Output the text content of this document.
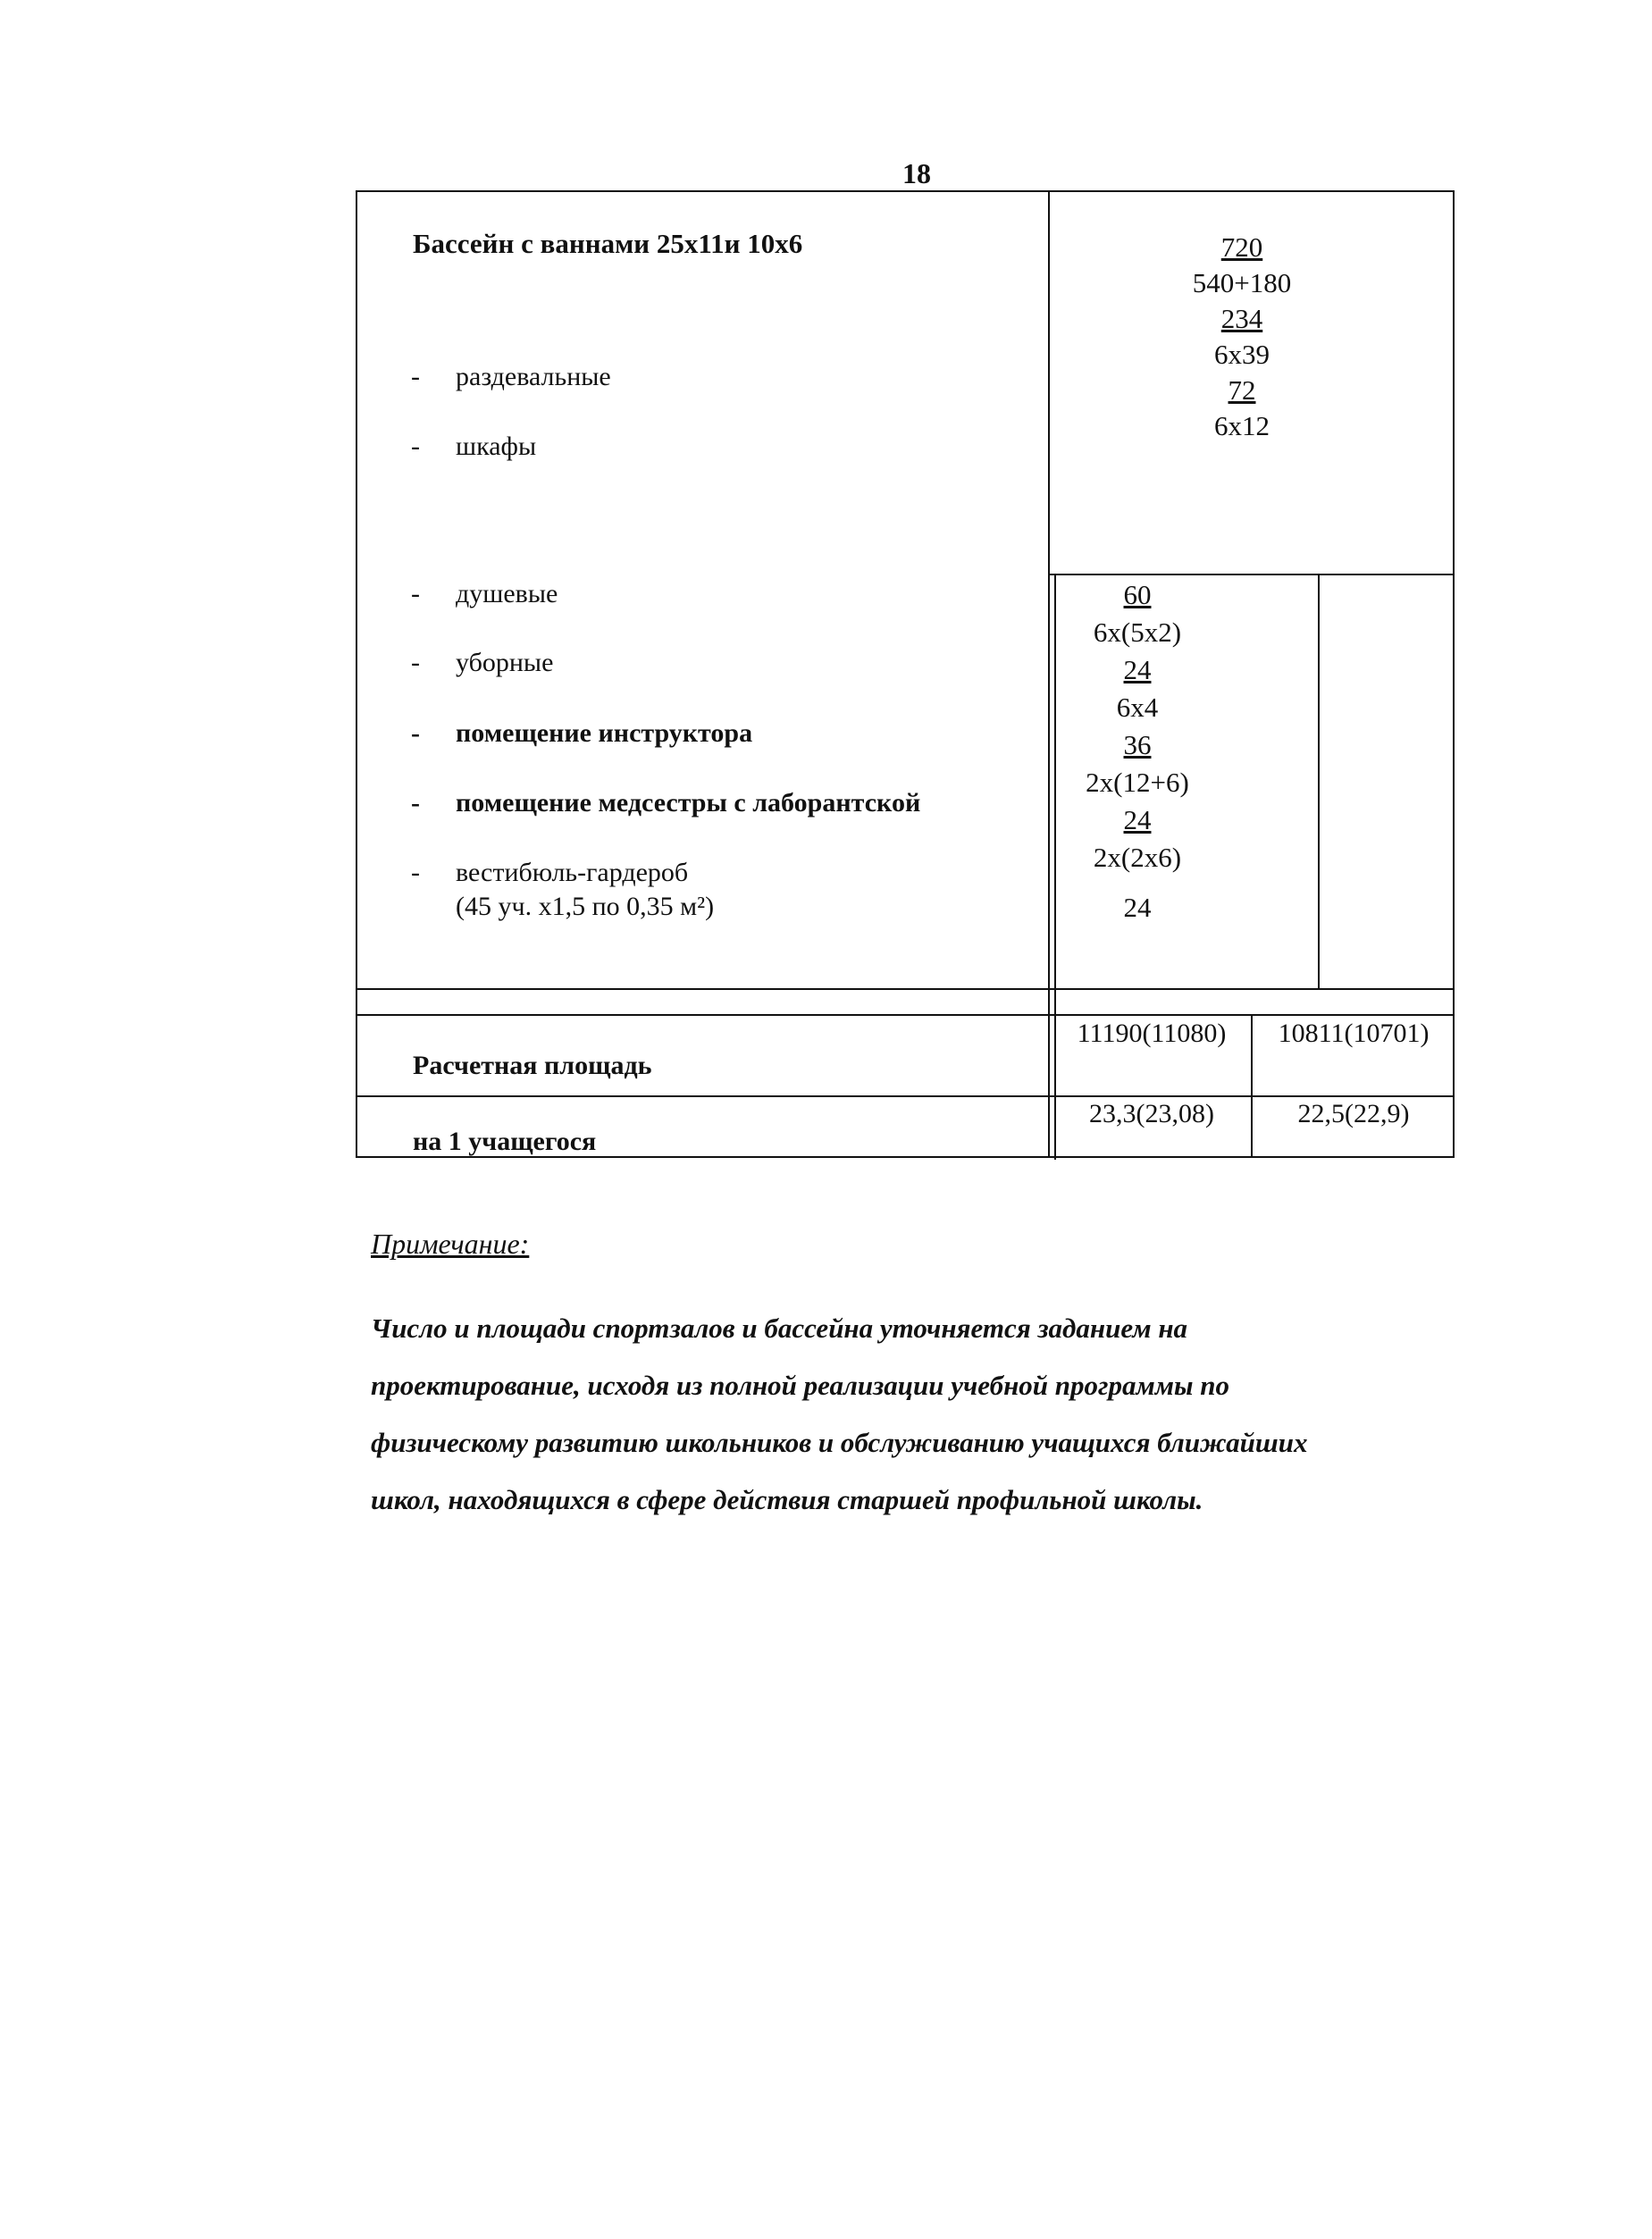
18
Бассейн с ваннами 25х11и 10х6
- раздевальные
- шкафы
- душевые
- уборные
- помещение инструктора
- помещение медсестры с лаборантской
- вестибюль-гардероб
(45 уч. х1,5 по 0,35 м²)
720
540+180
234
6х39
72
6х12
60
6х(5х2)
24
6х4
36
2х(12+6)
24
2х(2х6)
24
Расчетная площадь
11190(11080)	10811(10701)
на 1 учащегося
23,3(23,08)	22,5(22,9)
Примечание:
Число и площади спортзалов и бассейна уточняется заданием на
проектирование, исходя из полной реализации учебной программы по
физическому развитию школьников и обслуживанию учащихся ближайших
школ, находящихся в сфере действия старшей профильной школы.
